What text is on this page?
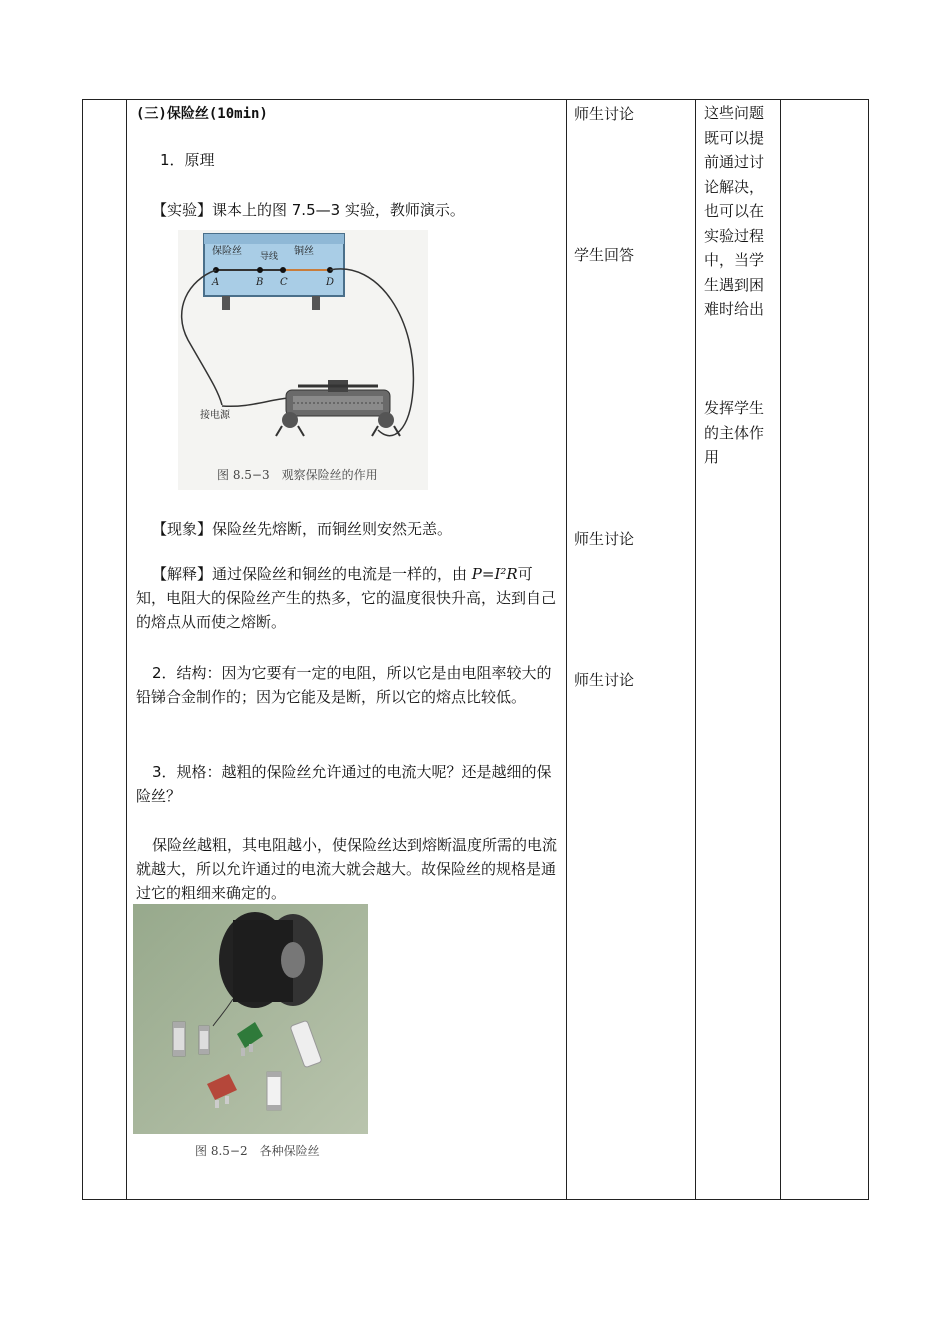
(三)保险丝(10min)

1．原理

【实验】课本上的图 7.5—3 实验，教师演示。

保险丝 导线 铜丝
A	B C	D
接电源
图 8.5−3　观察保险丝的作用

【现象】保险丝先熔断，而铜丝则安然无恙。

【解释】通过保险丝和铜丝的电流是一样的，由 P=I²R可知，电阻大的保险丝产生的热多，它的温度很快升高，达到自己的熔点从而使之熔断。

2．结构：因为它要有一定的电阻，所以它是由电阻率较大的铅锑合金制作的；因为它能及是断，所以它的熔点比较低。

3．规格：越粗的保险丝允许通过的电流大呢？还是越细的保险丝？

保险丝越粗，其电阻越小，使保险丝达到熔断温度所需的电流就越大，所以允许通过的电流大就会越大。故保险丝的规格是通过它的粗细来确定的。

图 8.5−2　各种保险丝

师生讨论

学生回答

师生讨论

师生讨论

这些问题既可以提前通过讨论解决，也可以在实验过程中，当学生遇到困难时给出

发挥学生的主体作用
